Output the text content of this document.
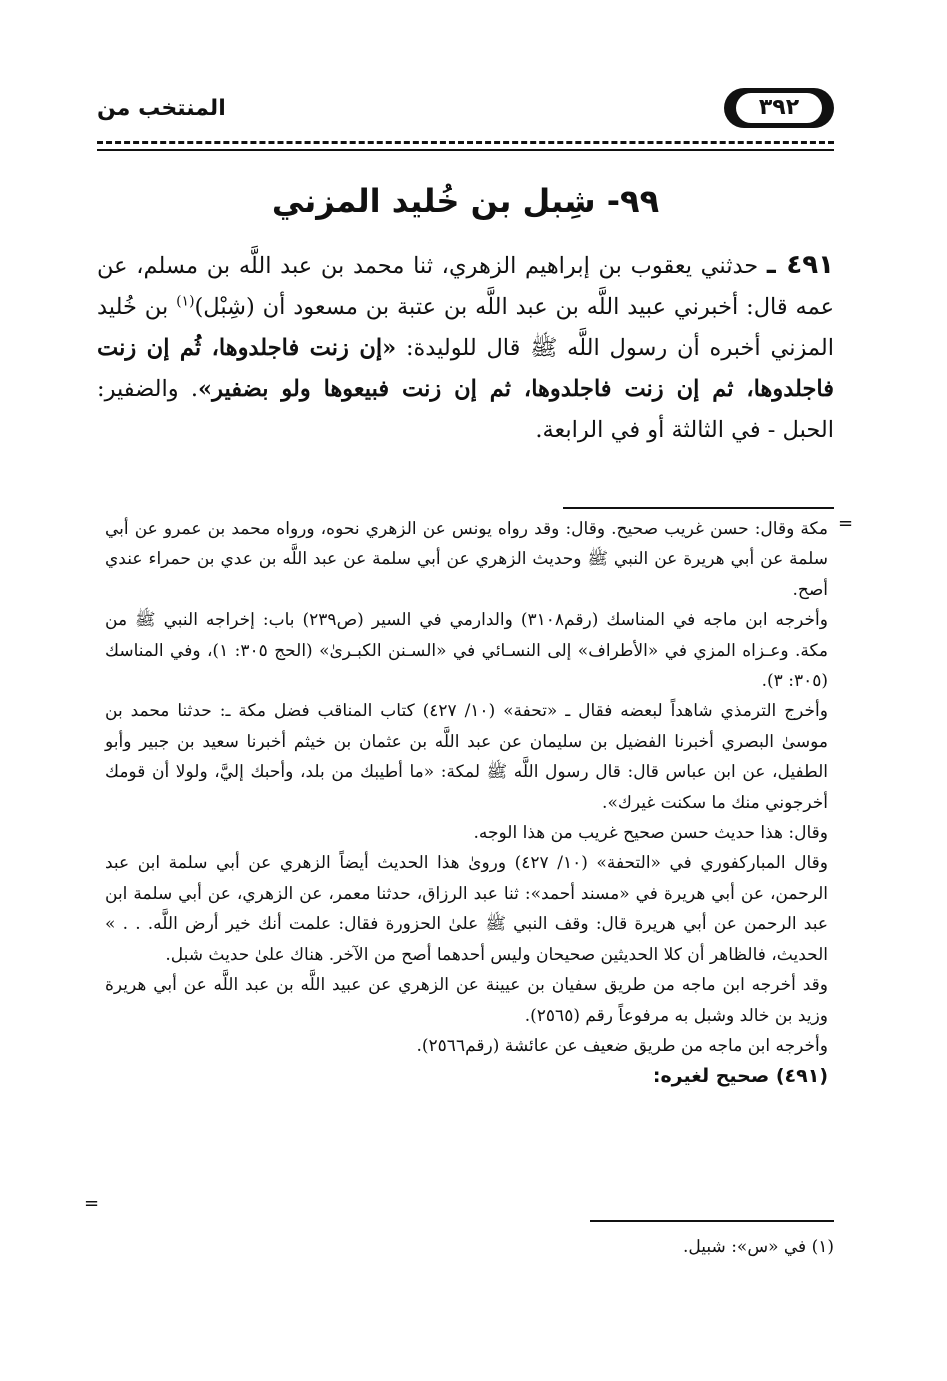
٣٩٢
المنتخب من
٩٩- شِبل بن خُليد المزني

٤٩١ ـ حدثني يعقوب بن إبراهيم الزهري، ثنا محمد بن عبد اللَّه بن مسلم، عن عمه قال: أخبرني عبيد اللَّه بن عبد اللَّه بن عتبة بن مسعود أن (شِبْل)$^{(١)}$ بن خُليد المزني أخبره أن رسول اللَّه ﷺ قال للوليدة: «إن زنت فاجلدوها، ثُم إن زنت فاجلدوها، ثم إن زنت فاجلدوها، ثم إن زنت فبيعوها ولو بضفير». والضفير: الحبل - في الثالثة أو في الرابعة.

=

مكة وقال: حسن غريب صحيح. وقال: وقد رواه يونس عن الزهري نحوه، ورواه محمد بن عمرو عن أبي سلمة عن أبي هريرة عن النبي ﷺ وحديث الزهري عن أبي سلمة عن عبد اللَّه بن عدي بن حمراء عندي أصح.

وأخرجه ابن ماجه في المناسك (رقم٣١٠٨) والدارمي في السير (ص٢٣٩) باب: إخراجه النبي ﷺ من مكة. وعـزاه المزي في «الأطراف» إلى النسـائي في «السـنن الكبـرىٰ» (الحج ٣٠٥: ١)، وفي المناسك (٣٠٥: ٣).

وأخرج الترمذي شاهداً لبعضه فقال ـ «تحفة» (١٠/ ٤٢٧) كتاب المناقب فضل مكة ـ: حدثنا محمد بن موسىٰ البصري أخبرنا الفضيل بن سليمان عن عبد اللَّه بن عثمان بن خيثم أخبرنا سعيد بن جبير وأبو الطفيل، عن ابن عباس قال: قال رسول اللَّه ﷺ لمكة: «ما أطيبك من بلد، وأحبك إليَّ، ولولا أن قومك أخرجوني منك ما سكنت غيرك».

وقال: هذا حديث حسن صحيح غريب من هذا الوجه.

وقال المباركفوري في «التحفة» (١٠/ ٤٢٧) وروىٰ هذا الحديث أيضاً الزهري عن أبي سلمة ابن عبد الرحمن، عن أبي هريرة في «مسند أحمد»: ثنا عبد الرزاق، حدثنا معمر، عن الزهري، عن أبي سلمة ابن عبد الرحمن عن أبي هريرة قال: وقف النبي ﷺ علىٰ الحزورة فقال: علمت أنك خير أرض اللَّه. . . » الحديث، فالظاهر أن كلا الحديثين صحيحان وليس أحدهما أصح من الآخر. هناك علىٰ حديث شبل.

وقد أخرجه ابن ماجه من طريق سفيان بن عيينة عن الزهري عن عبيد اللَّه بن عبد اللَّه عن أبي هريرة وزيد بن خالد وشبل به مرفوعاً رقم (٢٥٦٥).

وأخرجه ابن ماجه من طريق ضعيف عن عائشة (رقم٢٥٦٦).

(٤٩١) صحيح لغيره:

=
(١) في «س»: شبيل.
